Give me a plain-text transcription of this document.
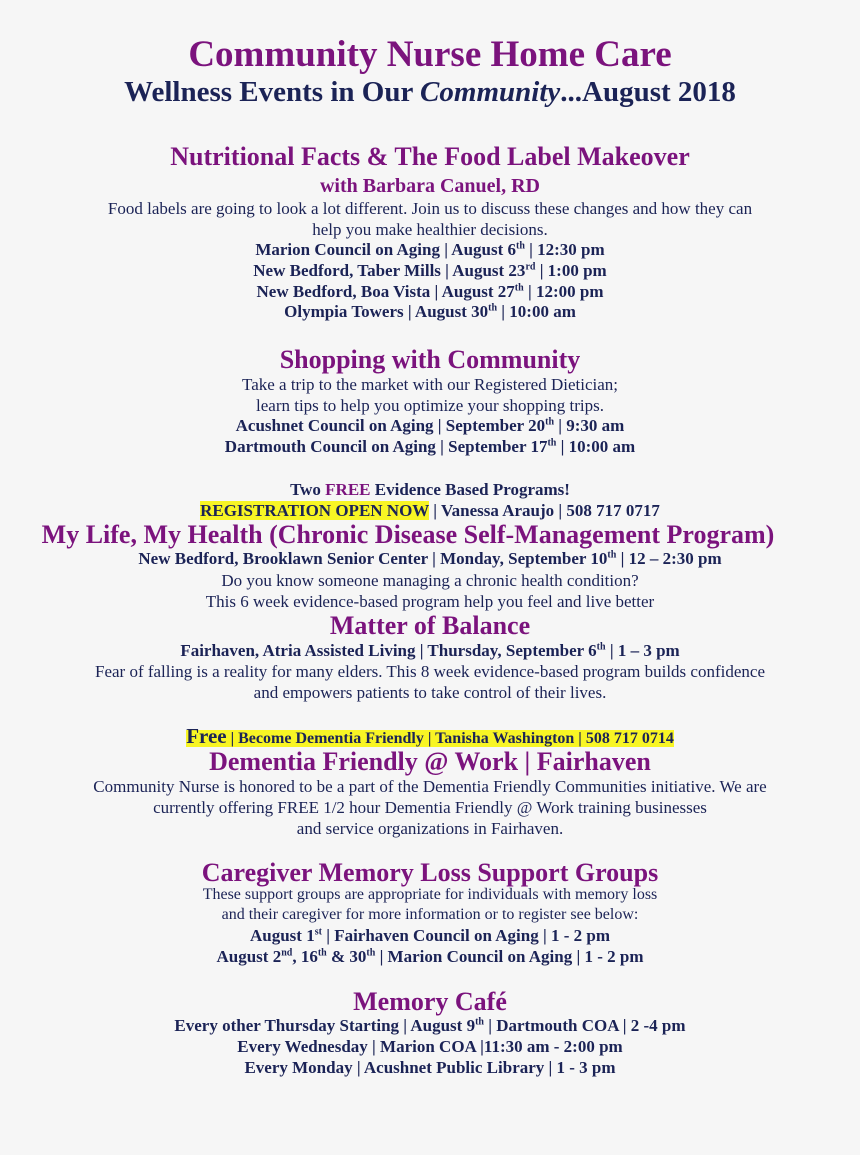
Community Nurse Home Care
Wellness Events in Our Community...August 2018
Nutritional Facts & The Food Label Makeover
with Barbara Canuel, RD
Food labels are going to look a lot different. Join us to discuss these changes and how they can
help you make healthier decisions.
Marion Council on Aging | August 6th | 12:30 pm
New Bedford, Taber Mills | August 23rd | 1:00 pm
New Bedford, Boa Vista | August 27th | 12:00 pm
Olympia Towers | August 30th | 10:00 am
Shopping with Community
Take a trip to the market with our Registered Dietician;
learn tips to help you optimize your shopping trips.
Acushnet Council on Aging | September 20th | 9:30 am
Dartmouth Council on Aging | September 17th | 10:00 am
Two FREE Evidence Based Programs!
REGISTRATION OPEN NOW | Vanessa Araujo | 508 717 0717
My Life, My Health (Chronic Disease Self-Management Program)
New Bedford, Brooklawn Senior Center | Monday, September 10th | 12 – 2:30 pm
Do you know someone managing a chronic health condition?
This 6 week evidence-based program help you feel and live better
Matter of Balance
Fairhaven, Atria Assisted Living | Thursday, September 6th | 1 – 3 pm
Fear of falling is a reality for many elders. This 8 week evidence-based program builds confidence
and empowers patients to take control of their lives.
Free | Become Dementia Friendly | Tanisha Washington | 508 717 0714
Dementia Friendly @ Work | Fairhaven
Community Nurse is honored to be a part of the Dementia Friendly Communities initiative. We are
currently offering FREE 1/2 hour Dementia Friendly @ Work training businesses
and service organizations in Fairhaven.
Caregiver Memory Loss Support Groups
These support groups are appropriate for individuals with memory loss
and their caregiver for more information or to register see below:
August 1st | Fairhaven Council on Aging | 1 - 2 pm
August 2nd, 16th & 30th | Marion Council on Aging | 1 - 2 pm
Memory Café
Every other Thursday Starting | August 9th | Dartmouth COA | 2 -4 pm
Every Wednesday | Marion COA |11:30 am - 2:00 pm
Every Monday | Acushnet Public Library | 1 - 3 pm
